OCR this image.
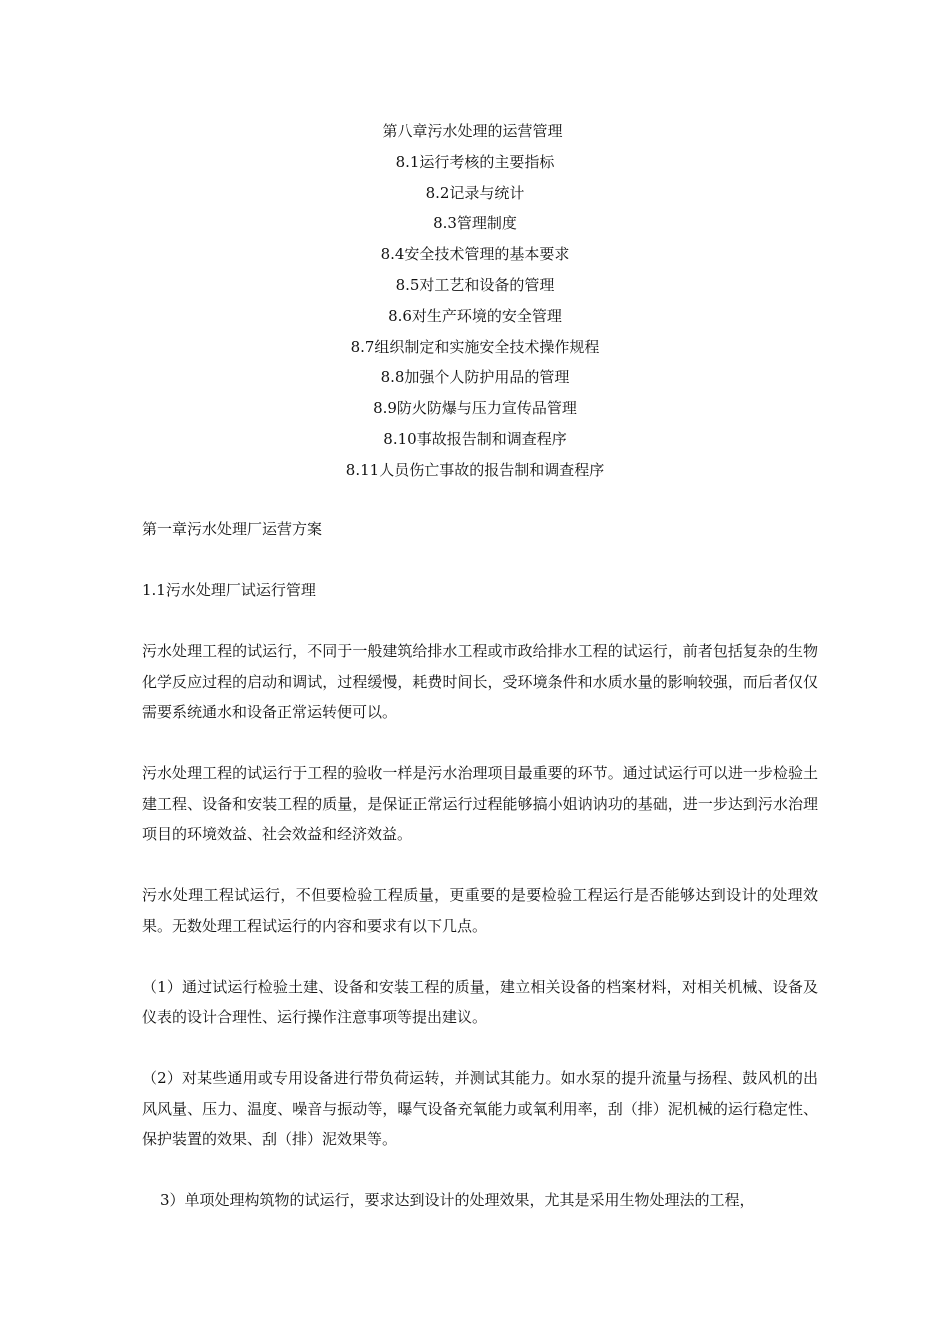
第八章污水处理的运营管理
8.1运行考核的主要指标
8.2记录与统计
8.3管理制度
8.4安全技术管理的基本要求
8.5对工艺和设备的管理
8.6对生产环境的安全管理
8.7组织制定和实施安全技术操作规程
8.8加强个人防护用品的管理
8.9防火防爆与压力宣传品管理
8.10事故报告制和调查程序
8.11人员伤亡事故的报告制和调查程序

第一章污水处理厂运营方案

1.1污水处理厂试运行管理

污水处理工程的试运行，不同于一般建筑给排水工程或市政给排水工程的试运行，前者包括复杂的生物化学反应过程的启动和调试，过程缓慢，耗费时间长，受环境条件和水质水量的影响较强，而后者仅仅需要系统通水和设备正常运转便可以。

污水处理工程的试运行于工程的验收一样是污水治理项目最重要的环节。通过试运行可以进一步检验土建工程、设备和安装工程的质量，是保证正常运行过程能够搞小姐讷讷功的基础，进一步达到污水治理项目的环境效益、社会效益和经济效益。

污水处理工程试运行，不但要检验工程质量，更重要的是要检验工程运行是否能够达到设计的处理效果。无数处理工程试运行的内容和要求有以下几点。

（1）通过试运行检验土建、设备和安装工程的质量，建立相关设备的档案材料，对相关机械、设备及仪表的设计合理性、运行操作注意事项等提出建议。

（2）对某些通用或专用设备进行带负荷运转，并测试其能力。如水泵的提升流量与扬程、鼓风机的出风风量、压力、温度、噪音与振动等，曝气设备充氧能力或氧利用率，刮（排）泥机械的运行稳定性、保护装置的效果、刮（排）泥效果等。

3）单项处理构筑物的试运行，要求达到设计的处理效果，尤其是采用生物处理法的工程，
